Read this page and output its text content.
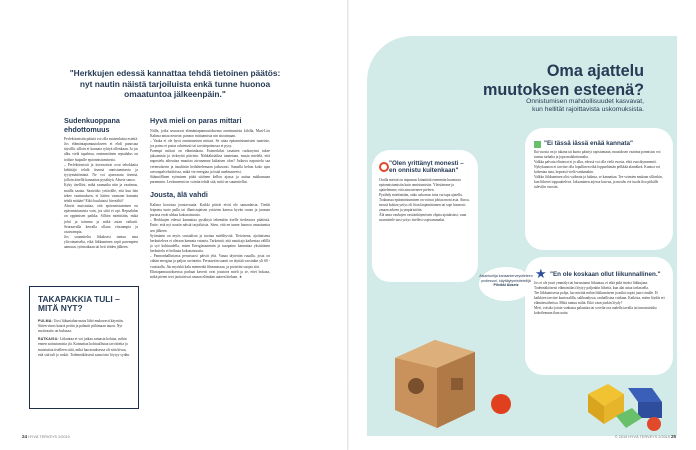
"Herkkujen edessä kannattaa tehdä tietoinen päätös: nyt nautin näistä tarjoiluista enkä tunne huonoa omaatuntoa jälkeenpäin."
Sudenkuoppana ehdottomuus

Perfektionistin pääsiä voi olla monenlaisia esteitä. Jos elämäntapamuutokseen ei ehdi panostaa täysillä, silloin ei kannata ryhtyä ollenkaan. Ja jos alku vielä tapahtuu, ensimmäinen repsahdus on todiste huipulle epäonnistumisesta.

– Perfektionistit ja itsevaativat ovat tehokkaita kehittäjä tehdä itsensä onnistumisesta ja tyytymättömänä. Ne voi ajanvarata itsensä, jolloin äärellä kannattaa pysähtyä, Abseiz sanoo.

Kyky itselliisi, mikä saamatka niin ja vaatimus, muilla saataa. Saatoitko yritävälle, että kun hän tekee vaatimuksen, ei häiten varmaan kannata tehdä mitään? Eikö kuuluiatsi hirveältä?

Ahseiz muistuttaa, että epäonnistuminen on epäonnistumista vain, jos siitä ei opi. Repsahdus on oppimisen paikka. Silloin miettitään, mikä johti ja toimma ja mikä asian vaikutti. Seuraavalla kerralla ollaan viisaampia ja osaavampia.

Jos suunniteltu liikaksesi tuntuu aina ylivoimaiselta, eikä liikkuminen sopii parempien aamuun, työmatkaan tai heti töiden jälkeen.

Hyvä mieli on paras mittari

Niille, jotka seuraavat elämäntapamuutoksensa onnistumista kilolla, Mari-Liis Kalima antaa neuvon: pannoo mittaamista nin sitoutmaan.

– Vaaka ei ole hyvä onnistumisen mittari. Se ottaa epäonnistumisten tunteiste, jos paino ei putoa odotetusti tai tavoitepainossa ei pysy.

Parempi mittari on elämänlaatu. Esimerkiksi tasainen ruokarytmi tukee jaksamista ja virkeyttä päivisin. Nähkäkisäiksa tunnetaan, musta mielelä, että napostelu aiheuttaa muuttaa aivonaman kaltaisen olon? Jatkuva napostelu saa verensokerin ja insuliinin heilahtelemaan jatkuvasti. Samalla kehon koko ajan rasvanpalvelutiloissa, mikä vie energiaa ja itsää unelmanvetsi.

Säännöllinen syöminen pitää sitäinen kellon ajassa ja auttaa nukkumaan paremmin. Levänneenä on vointia tehdä sitä, mitä on suunnitellut.

Jousta, älä vahdi

Kalima korostaa joustavuutta. Kaikki päivät eivät ole samanlaisia. Tiedät leipoma tuote pulla tai illanistujaisen ystävien kanssa hyvän ruoan ja juoman parissa eivät uhkaa kokonaisuutta.

– Herkkujen edessä kannattaa pysähtyä tekemään itselle tiedostava päätöstä. Entie, että nyt nautin näistä tarjoiluista. Siten, että en tunne huonoa omaatuntoa sen jälkeen.

Syöminen on myös sosiaalista ja tuottaa mielihyvää. Tietoisena, ajoittaisena herkutteleva ei oletaan kannata vainota. Tarkeintä, että nauttiaja kaikentaa välillä ja syö kohtuudella, miten Energiasaanniin ja tasapaino kannattaa yksittäinen herkuttelu ei heilauta kokonaisuutta.

– Pannonhallintassa perussuosi päivät yhä. Vanaa täyteräin ruualla, josta on vähän energiaa ja paljon ravinteita. Perusteitin saanti on täyttää varsinkin yli 60 -vuotiaalla. Jäo myöskä kalu mennetää lihasmassaa, ja proteiini suojaa sitä.

Elintapamuutoksesssa parhaat kaverit ovat joustava mieli ja se, ettei bokaaa, mikä pienet teot jaottaisivat omaan elämään uuteen kielaan. ★

TAKAPAKKIA TULI – MITÄ NYT?

PULMA: Uusi liikuntaharrastus lähti mukavasti käyntiin. Sitten vinus kaatoi petiin ja palautti piilämaan tauon. Nyt motivaatio on hukassa.

RATKAISU: Liikuntaa ei voi jatkaa samasta kohtaa, mihin ennen sairastumista jäi. Kannattaa kohtuullistaa tavoitteita ja muistuttaa itselleen siitä, mikä harrastuksessa oli niin kivaa, että sitä tuli jo ruskii. Todennäköisesti sama into löytyy sydän.

24 HYVÄ TERVEYS 2/2019
Oma ajattelu
muutoksen esteenä?
Onnistumisen mahdollisuudet kasvavat,
kun hellität rajoittavista uskomuksista.
"Olen yrittänyt monesti – en onnistu kuitenkaan"

Osalla meistä on taipumus kiinnittää enemmän huomiota epäonnistumisiin kuin onnistumisiin. Yleistämme ja ajattelemme, että aina meneee pieleen.

Pysähdy miettimään, onko uskomus totta vai tapa ajatella. Todaaassa epäonnistuminen on voinut johtaa moni asia. Ainoa, mossä kohtaa yritys oli liian laajamittainen tai sopi huonosti omaan arkeen ja ympäristöön.

Älä anna vanhojen vastoinkäymisten ohjata ajatuksiasi, vaan suunnittele uusi yritys itsellesi sopivammaksi.

"Ei tässä iässä enää kannata"

Ikä vuosia on jo takana tai kunto pääsiyt rapistumaan, muutoksen vaatima ponnistus voi tuntua turhalta ja jopa mahdottomalta.

Valkka palvuta elintavat ei jo alku, edessä voi olla vielä vuosia, eikä vuosikymmeniä. Nykykunnon ei tarvitse olla lopullinen eikä loppuelämän pelkkää alamäkeä. Kuntoa voi kohentaa aina, hopeasti vielä vanhanakin.

Valkko liikkuminen olisi vaikeata ja hidasta, se kannattaa. Tee voimien mukaan sillonkin, kun liikeset toppuutteleva. Jaksaminen arjessa kasvaa, ja mouhs voi tuoda iloa pitkälle tulevilin vuosiin.

★ "En ole koskaan ollut liikunnallinen."

Jos et ole juuri ymmälyt tai harrastanut liikuntaa, ei etkä pidä itseäsi liikkujana. Todennäköisesti elämäntilasi löytyy paljonkin liikettä, kun alat asiaa tarkastella.

Tee liikkumisesta pohja, luo mietitä mihin liikkumiseen ja mikä sopisi juuri sinulle. Ei kaikkien tarvitse kuntosalilla, salibandyssa, rauhallisina voidaan. Kaikista, miten löydät eri elämänvaiheissa. Mikä tuntuu miltä. Eikö vaan jonkin löydy?

Meri, voisiko jotain vanhasta palauttaa tai sovelta osa uudella tavalla tai innostuisitko kokeilemaan ihan uutta.

Asiantuntija kansanterveystieteen professori, käyttäytymistieteilijä
Pilvikki Absetz
© 2019 HYVÄ TERVEYS 2/2019 25
